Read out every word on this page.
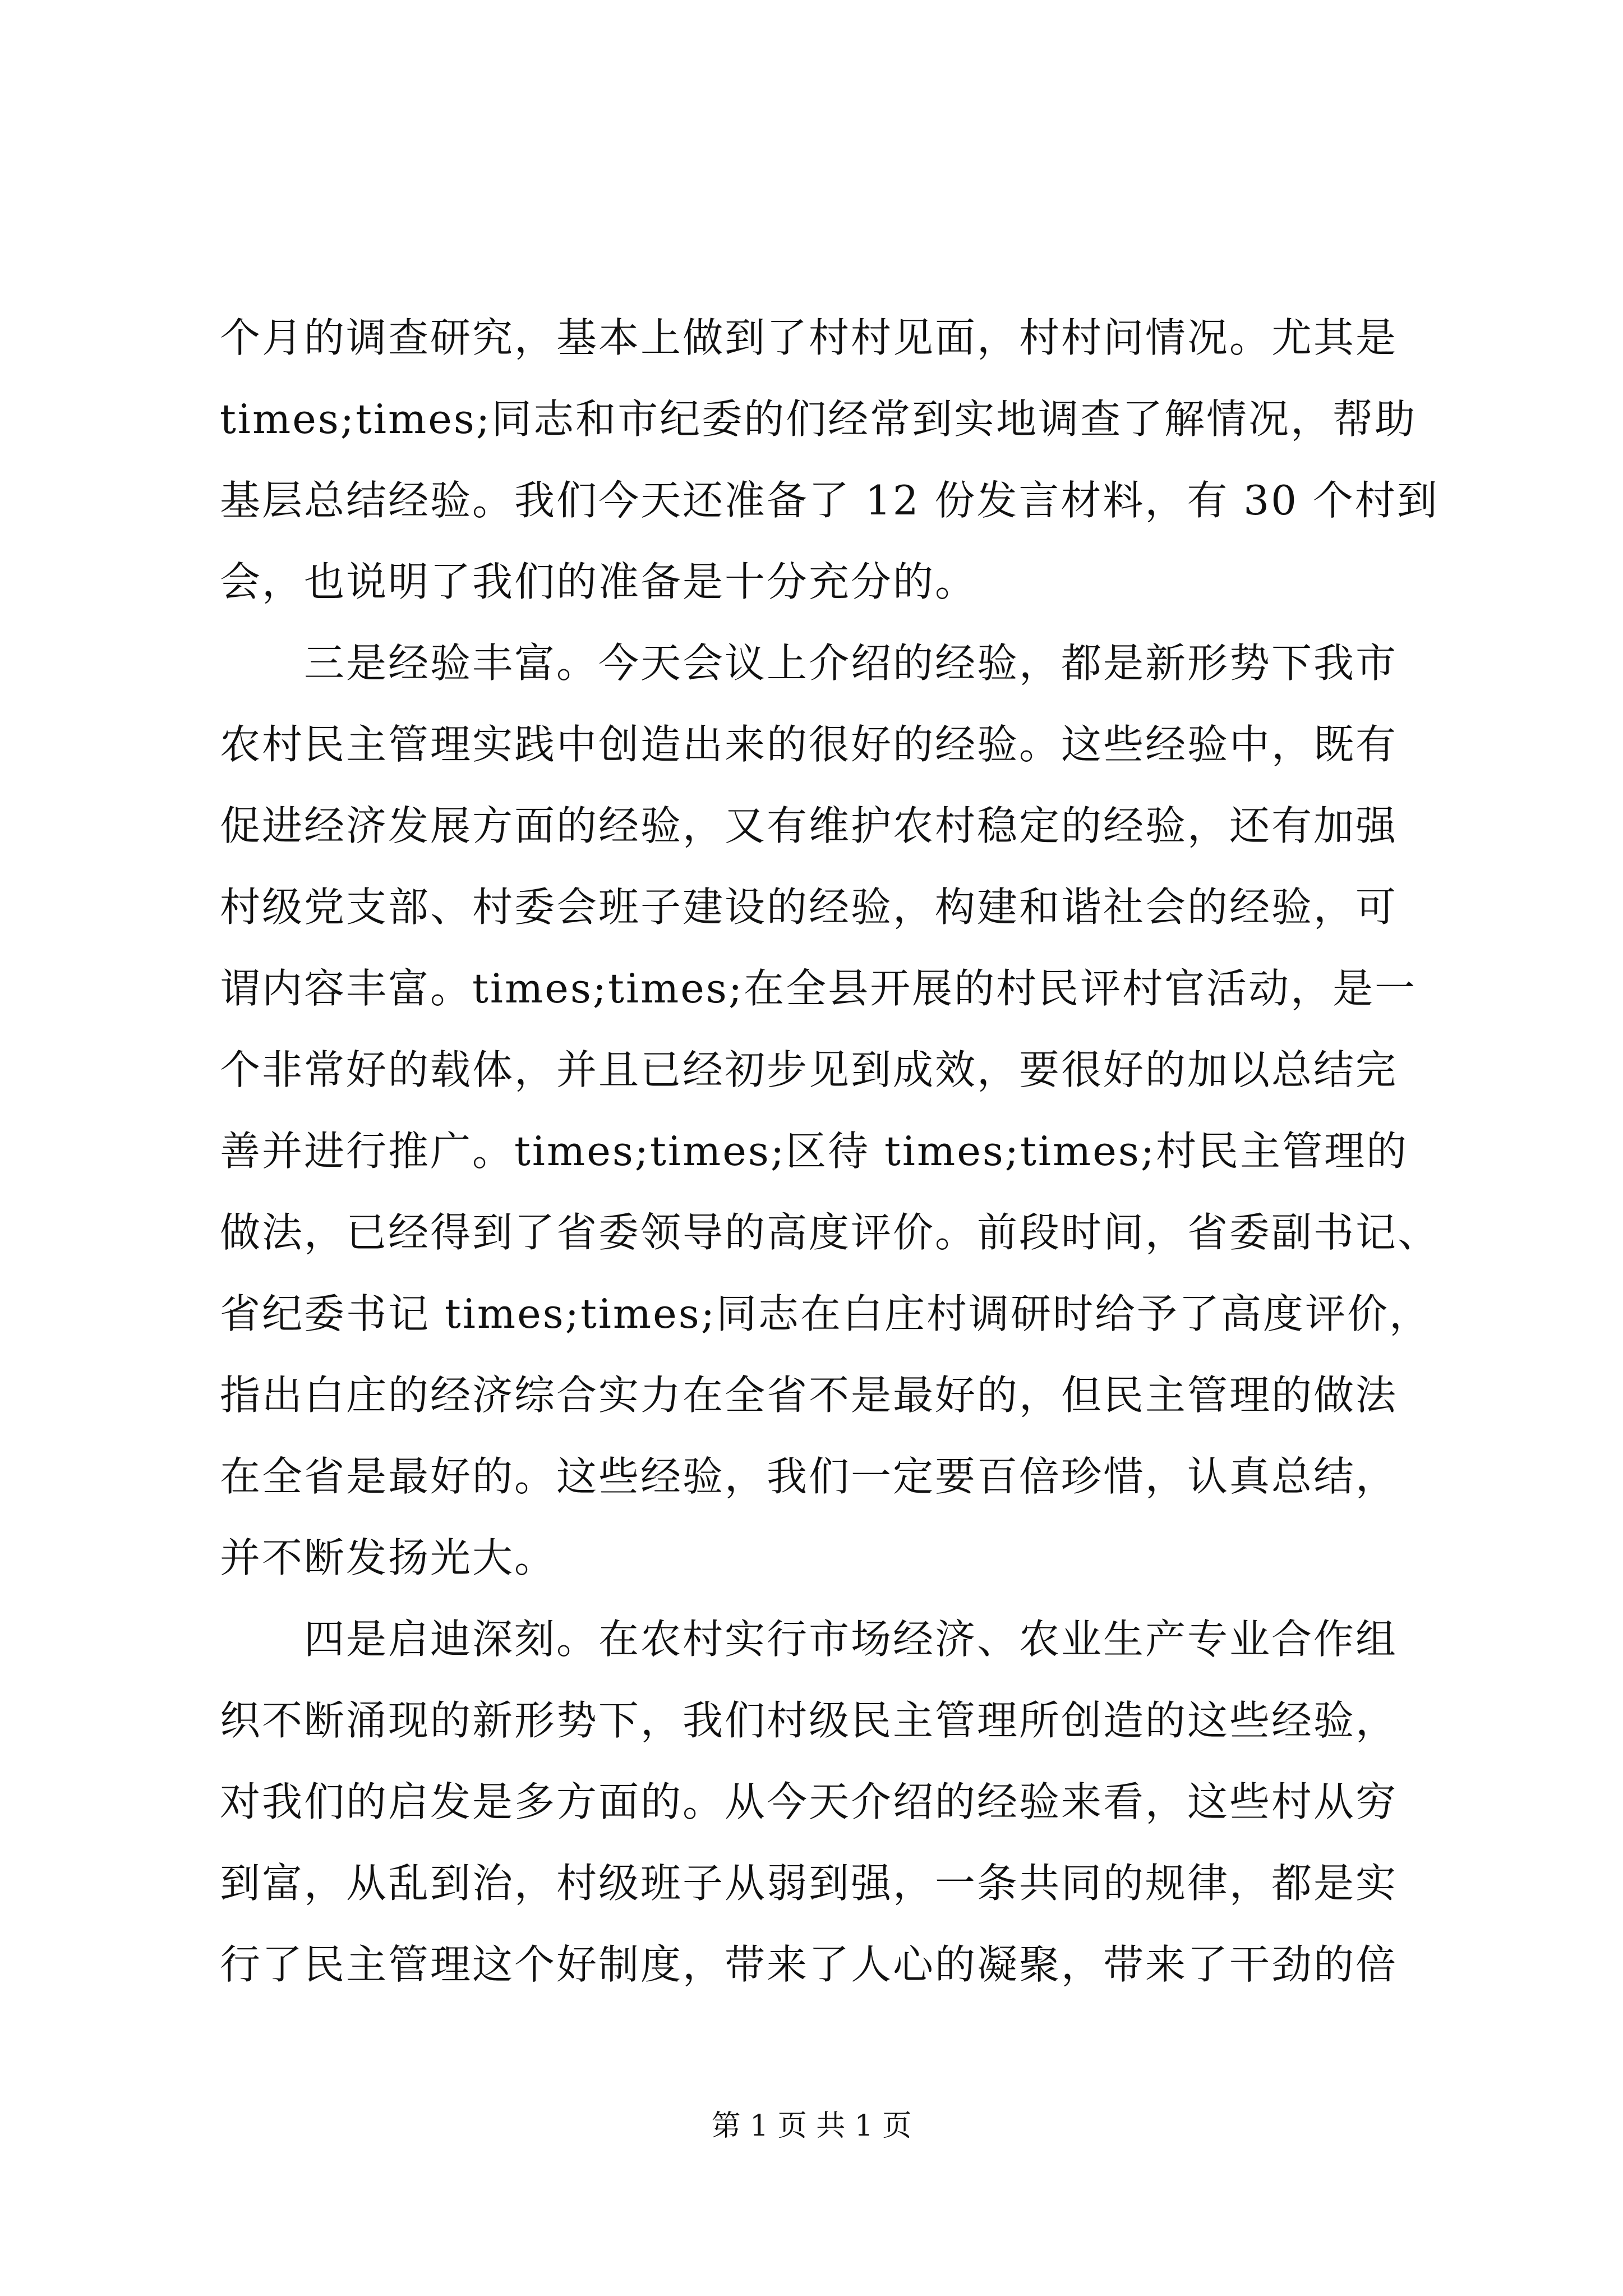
个月的调查研究，基本上做到了村村见面，村村问情况。尤其是
times;times;同志和市纪委的们经常到实地调查了解情况，帮助
基层总结经验。我们今天还准备了 12 份发言材料，有 30 个村到
会，也说明了我们的准备是十分充分的。
　　三是经验丰富。今天会议上介绍的经验，都是新形势下我市
农村民主管理实践中创造出来的很好的经验。这些经验中，既有
促进经济发展方面的经验，又有维护农村稳定的经验，还有加强
村级党支部、村委会班子建设的经验，构建和谐社会的经验，可
谓内容丰富。times;times;在全县开展的村民评村官活动，是一
个非常好的载体，并且已经初步见到成效，要很好的加以总结完
善并进行推广。times;times;区待 times;times;村民主管理的
做法，已经得到了省委领导的高度评价。前段时间，省委副书记、
省纪委书记 times;times;同志在白庄村调研时给予了高度评价，
指出白庄的经济综合实力在全省不是最好的，但民主管理的做法
在全省是最好的。这些经验，我们一定要百倍珍惜，认真总结，
并不断发扬光大。
　　四是启迪深刻。在农村实行市场经济、农业生产专业合作组
织不断涌现的新形势下，我们村级民主管理所创造的这些经验，
对我们的启发是多方面的。从今天介绍的经验来看，这些村从穷
到富，从乱到治，村级班子从弱到强，一条共同的规律，都是实
行了民主管理这个好制度，带来了人心的凝聚，带来了干劲的倍
第 1 页 共 1 页
